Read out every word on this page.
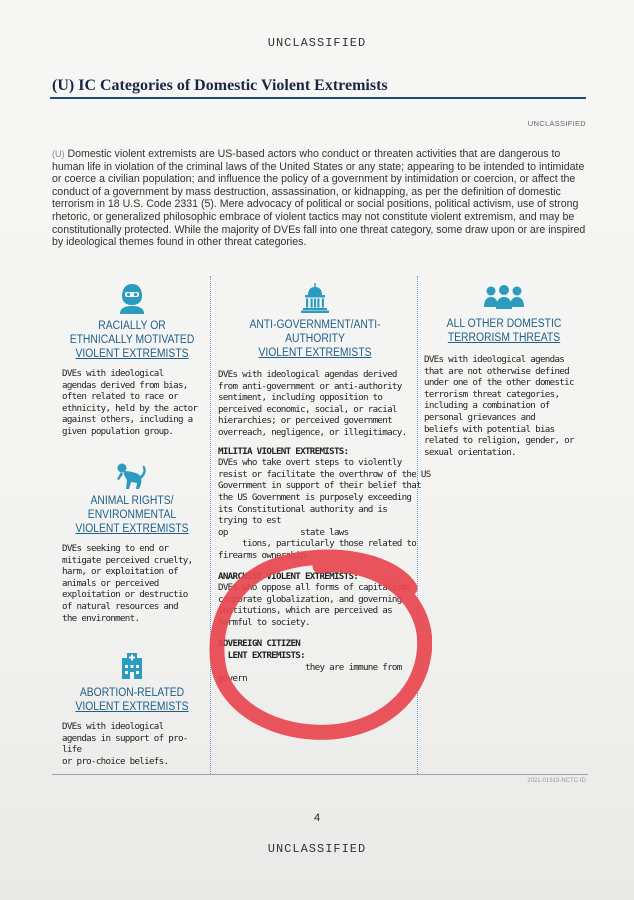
UNCLASSIFIED
(U) IC Categories of Domestic Violent Extremists
UNCLASSIFIED
(U) Domestic violent extremists are US-based actors who conduct or threaten activities that are dangerous to human life in violation of the criminal laws of the United States or any state; appearing to be intended to intimidate or coerce a civilian population; and influence the policy of a government by intimidation or coercion, or affect the conduct of a government by mass destruction, assassination, or kidnapping, as per the definition of domestic terrorism in 18 U.S. Code 2331 (5). Mere advocacy of political or social positions, political activism, use of strong rhetoric, or generalized philosophic embrace of violent tactics may not constitute violent extremism, and may be constitutionally protected. While the majority of DVEs fall into one threat category, some draw upon or are inspired by ideological themes found in other threat categories.
RACIALLY OR
ETHNICALLY MOTIVATED
VIOLENT EXTREMISTS
DVEs with ideological
agendas derived from bias,
often related to race or
ethnicity, held by the actor
against others, including a
given population group.
ANIMAL RIGHTS/
ENVIRONMENTAL
VIOLENT EXTREMISTS
DVEs seeking to end or
mitigate perceived cruelty,
harm, or exploitation of
animals or perceived
exploitation or destructio
of natural resources and
the environment.
ABORTION-RELATED
VIOLENT EXTREMISTS
DVEs with ideological
agendas in support of pro-life
or pro-choice beliefs.
ANTI-GOVERNMENT/ANTI-AUTHORITY
VIOLENT EXTREMISTS
DVEs with ideological agendas derived
from anti-government or anti-authority
sentiment, including opposition to
perceived economic, social, or racial
hierarchies; or perceived government
overreach, negligence, or illegitimacy.
MILITIA VIOLENT EXTREMISTS:
DVEs who take overt steps to violently
resist or facilitate the overthrow of the US
Government in support of their belief that
the US Government is purposely exceeding
its Constitutional authority and is
trying to est
op	state laws
tions, particularly those related to
firearms ownership.
ANARCHIST VIOLENT EXTREMISTS:
DVEs who oppose all forms of capitalism,
corporate globalization, and governing
institutions, which are perceived as
harmful to society.
SOVEREIGN CITIZEN
LENT EXTREMISTS:
they are immune from
govern
ALL OTHER DOMESTIC
TERRORISM THREATS
DVEs with ideological agendas
that are not otherwise defined
under one of the other domestic
terrorism threat categories,
including a combination of
personal grievances and
beliefs with potential bias
related to religion, gender, or
sexual orientation.
2021-01619-NCTC-ID
4
UNCLASSIFIED
